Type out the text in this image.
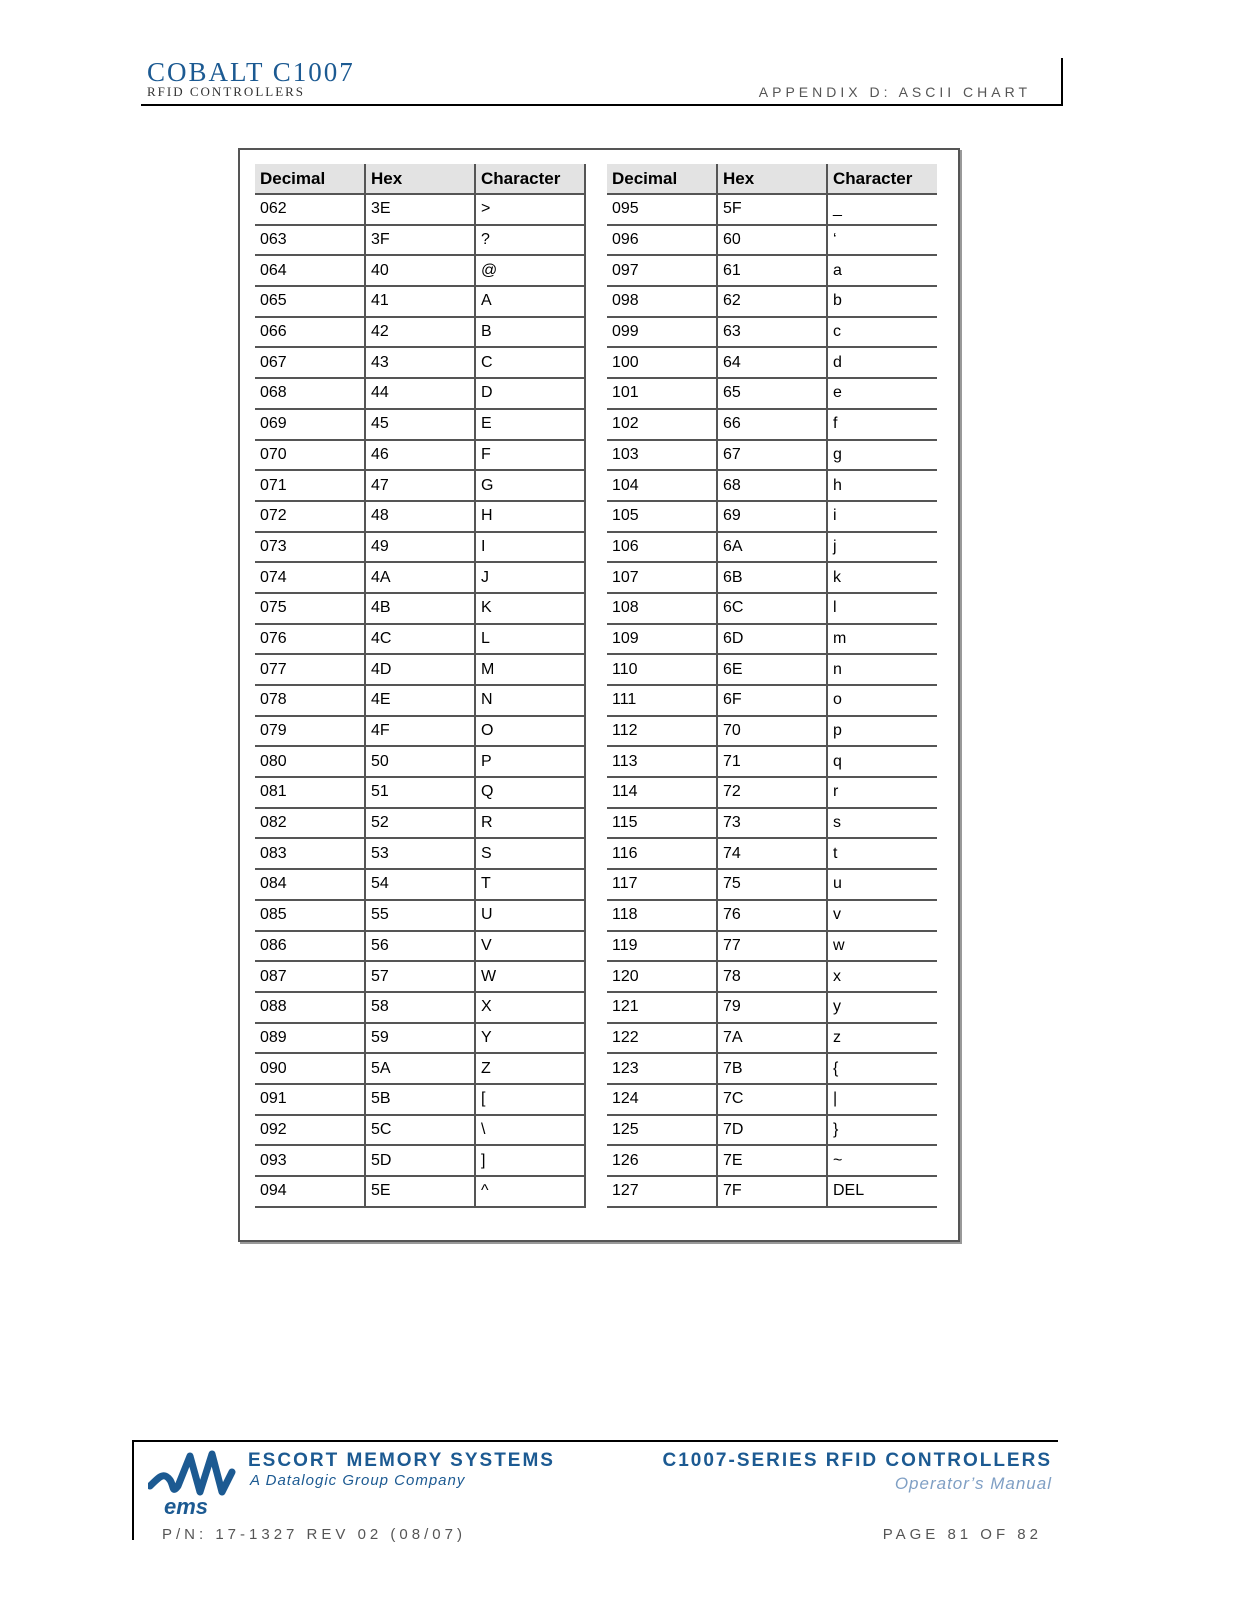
COBALT C1007
RFID CONTROLLERS	APPENDIX D: ASCII CHART
Decimal	Hex	Character
062	3E	>
063	3F	?
064	40	@
065	41	A
066	42	B
067	43	C
068	44	D
069	45	E
070	46	F
071	47	G
072	48	H
073	49	I
074	4A	J
075	4B	K
076	4C	L
077	4D	M
078	4E	N
079	4F	O
080	50	P
081	51	Q
082	52	R
083	53	S
084	54	T
085	55	U
086	56	V
087	57	W
088	58	X
089	59	Y
090	5A	Z
091	5B	[
092	5C	\
093	5D	]
094	5E	^
Decimal	Hex	Character
095	5F	_
096	60	‘
097	61	a
098	62	b
099	63	c
100	64	d
101	65	e
102	66	f
103	67	g
104	68	h
105	69	i
106	6A	j
107	6B	k
108	6C	l
109	6D	m
110	6E	n
111	6F	o
112	70	p
113	71	q
114	72	r
115	73	s
116	74	t
117	75	u
118	76	v
119	77	w
120	78	x
121	79	y
122	7A	z
123	7B	{
124	7C	|
125	7D	}
126	7E	~
127	7F	DEL
ems
ESCORT MEMORY SYSTEMS
A Datalogic Group Company
C1007-SERIES RFID CONTROLLERS
Operator’s Manual
P/N: 17-1327 REV 02 (08/07)	PAGE 81 OF 82
